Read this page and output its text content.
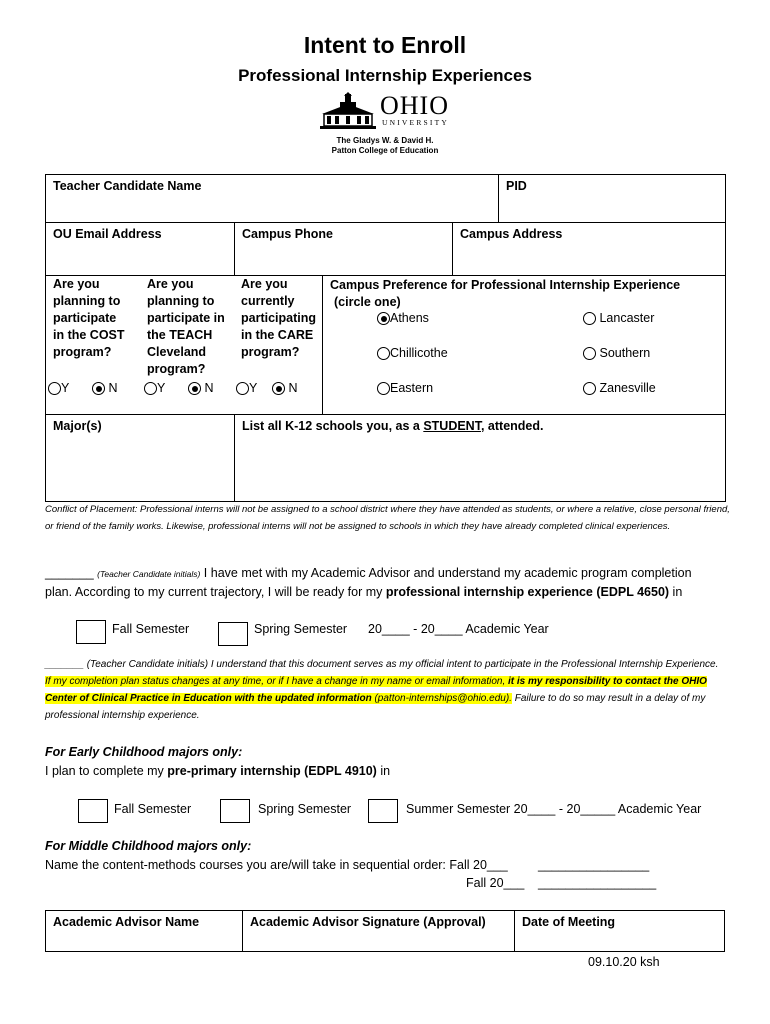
Intent to Enroll
Professional Internship Experiences
OHIO
UNIVERSITY
The Gladys W. & David H.
Patton College of Education
Teacher Candidate Name	PID
OU Email Address	Campus Phone	Campus Address
Are you planning to participate in the COST program?
Are you planning to participate in the TEACH Cleveland program?
Are you currently participating in the CARE program?
Y	N	Y	N	Y	N
Campus Preference for Professional Internship Experience
(circle one)
Athens	Lancaster
Chillicothe	Southern
Eastern	Zanesville
Major(s)	List all K-12 schools you, as a STUDENT, attended.
Conflict of Placement: Professional interns will not be assigned to a school district where they have attended as students, or where a relative, close personal friend, or friend of the family works. Likewise, professional interns will not be assigned to schools in which they have already completed clinical experiences.
_______ (Teacher Candidate initials) I have met with my Academic Advisor and understand my academic program completion
plan. According to my current trajectory, I will be ready for my professional internship experience (EDPL 4650) in
Fall Semester	Spring Semester 20____ - 20____ Academic Year
_______ (Teacher Candidate initials) I understand that this document serves as my official intent to participate in the Professional Internship Experience. If my completion plan status changes at any time, or if I have a change in my name or email information, it is my responsibility to contact the OHIO Center of Clinical Practice in Education with the updated information (patton-internships@ohio.edu). Failure to do so may result in a delay of my professional internship experience.
For Early Childhood majors only:
I plan to complete my pre-primary internship (EDPL 4910) in
Fall Semester	Spring Semester	Summer Semester 20____ - 20_____ Academic Year
For Middle Childhood majors only:
Name the content-methods courses you are/will take in sequential order: Fall 20___ ________________
Fall 20___ _________________
Academic Advisor Name	Academic Advisor Signature (Approval)	Date of Meeting
09.10.20 ksh
